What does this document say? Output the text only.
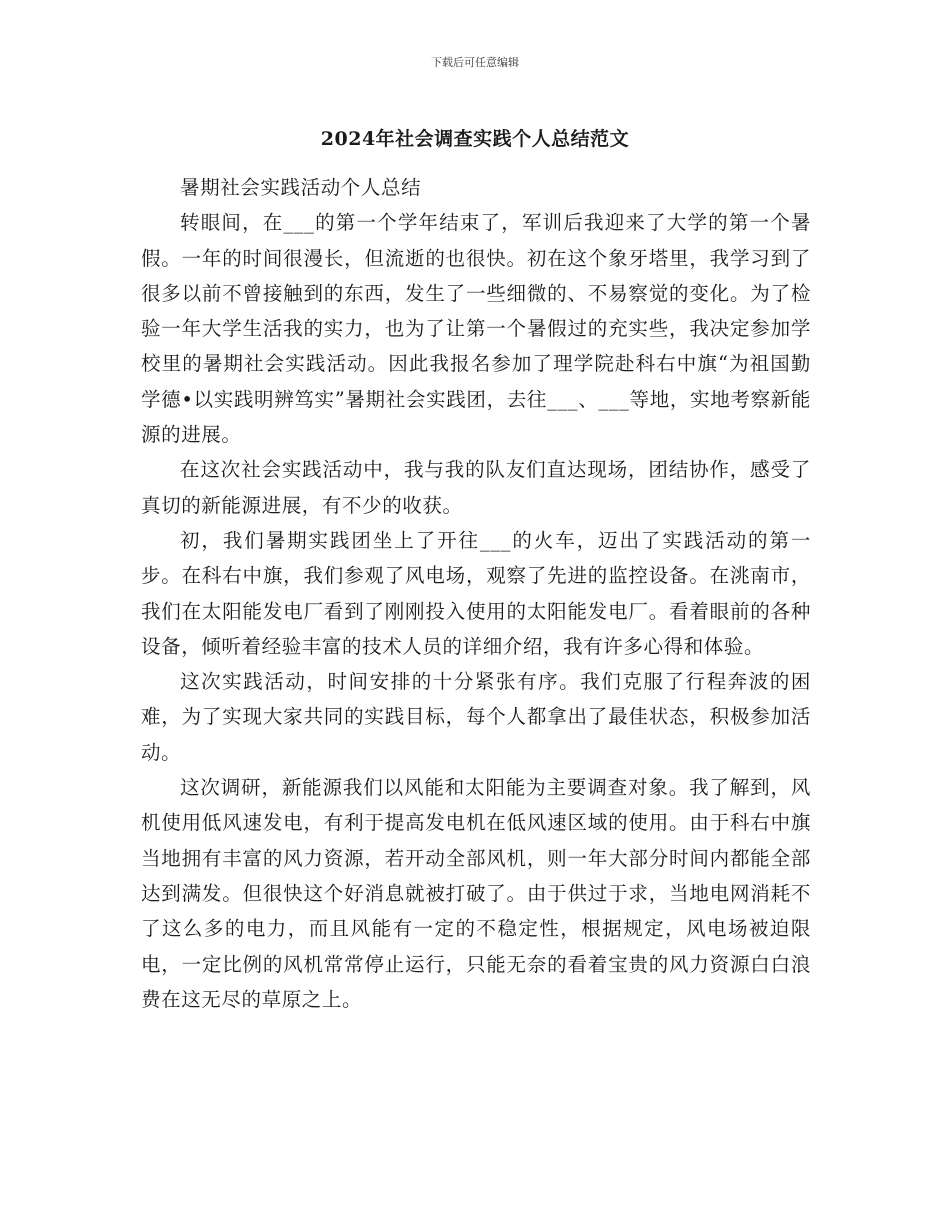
下载后可任意编辑
2024年社会调查实践个人总结范文

暑期社会实践活动个人总结

转眼间，在___的第一个学年结束了，军训后我迎来了大学的第一个暑假。一年的时间很漫长，但流逝的也很快。初在这个象牙塔里，我学习到了很多以前不曾接触到的东西，发生了一些细微的、不易察觉的变化。为了检验一年大学生活我的实力，也为了让第一个暑假过的充实些，我决定参加学校里的暑期社会实践活动。因此我报名参加了理学院赴科右中旗“为祖国勤学德•以实践明辨笃实”暑期社会实践团，去往___、___等地，实地考察新能源的进展。

在这次社会实践活动中，我与我的队友们直达现场，团结协作，感受了真切的新能源进展，有不少的收获。

初，我们暑期实践团坐上了开往___的火车，迈出了实践活动的第一步。在科右中旗，我们参观了风电场，观察了先进的监控设备。在洮南市，我们在太阳能发电厂看到了刚刚投入使用的太阳能发电厂。看着眼前的各种设备，倾听着经验丰富的技术人员的详细介绍，我有许多心得和体验。

这次实践活动，时间安排的十分紧张有序。我们克服了行程奔波的困难，为了实现大家共同的实践目标，每个人都拿出了最佳状态，积极参加活动。

这次调研，新能源我们以风能和太阳能为主要调查对象。我了解到，风机使用低风速发电，有利于提高发电机在低风速区域的使用。由于科右中旗当地拥有丰富的风力资源，若开动全部风机，则一年大部分时间内都能全部达到满发。但很快这个好消息就被打破了。由于供过于求，当地电网消耗不了这么多的电力，而且风能有一定的不稳定性，根据规定，风电场被迫限电，一定比例的风机常常停止运行，只能无奈的看着宝贵的风力资源白白浪费在这无尽的草原之上。
